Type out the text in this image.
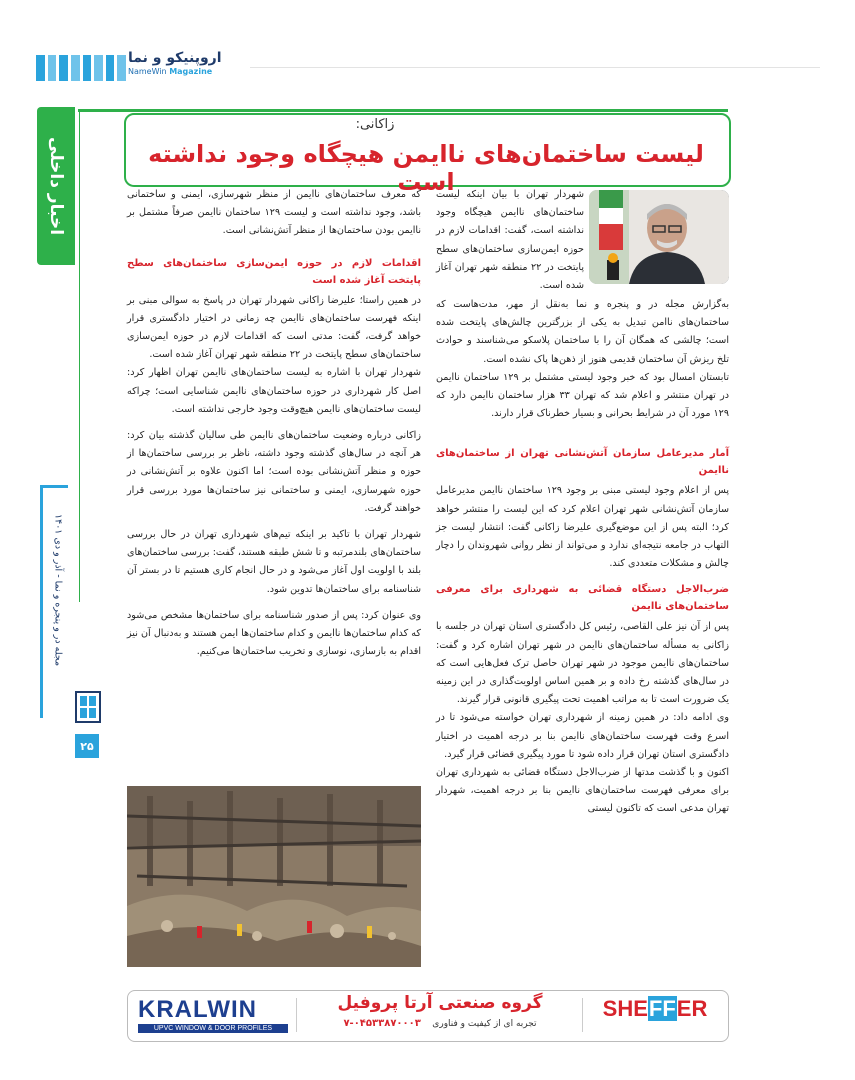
اروپنیکو و نما
NameWin Magazine
اخبار داخلی
زاکانی:
لیست ساختمان‌های ناایمن هیچگاه وجود نداشته است

شهردار تهران با بیان اینکه لیست ساختمان‌های ناایمن هیچگاه وجود نداشته است، گفت: اقدامات لازم در حوزه ایمن‌سازی ساختمان‌های سطح پایتخت در ۲۲ منطقه شهر تهران آغاز شده است.

به‌گزارش مجله در و پنجره و نما به‌نقل از مهر، مدت‌هاست که ساختمان‌های ناامن تبدیل به یکی از بزرگترین چالش‌های پایتخت شده است؛ چالشی که همگان آن را با ساختمان پلاسکو می‌شناسند و حوادث تلخ ریزش آن ساختمان قدیمی هنوز از ذهن‌ها پاک نشده است.

تابستان امسال بود که خبر وجود لیستی مشتمل بر ۱۲۹ ساختمان ناایمن در تهران منتشر و اعلام شد که تهران ۳۳ هزار ساختمان ناایمن دارد که ۱۲۹ مورد آن در شرایط بحرانی و بسیار خطرناک قرار دارند.

آمار مدیرعامل سازمان آتش‌نشانی تهران از ساختمان‌های ناایمن

پس از اعلام وجود لیستی مبنی بر وجود ۱۲۹ ساختمان ناایمن مدیرعامل سازمان آتش‌نشانی شهر تهران اعلام کرد که این لیست را منتشر خواهد کرد؛ البته پس از این موضع‌گیری علیرضا زاکانی گفت: انتشار لیست جز التهاب در جامعه نتیجه‌ای ندارد و می‌تواند از نظر روانی شهروندان را دچار چالش و مشکلات متعددی کند.

ضرب‌الاجل دستگاه قضائی به شهرداری برای معرفی ساختمان‌های ناایمن

پس از آن نیز علی القاصی، رئیس کل دادگستری استان تهران در جلسه با زاکانی به مسأله ساختمان‌های ناایمن در شهر تهران اشاره کرد و گفت: ساختمان‌های ناایمن موجود در شهر تهران حاصل ترک فعل‌هایی است که در سال‌های گذشته رخ داده و بر همین اساس اولویت‌گذاری در این زمینه یک ضرورت است تا به مراتب اهمیت تحت پیگیری قانونی قرار گیرند.

وی ادامه داد: در همین زمینه از شهرداری تهران خواسته می‌شود تا در اسرع وقت فهرست ساختمان‌های ناایمن بنا بر درجه اهمیت در اختیار دادگستری استان تهران قرار داده شود تا مورد پیگیری قضائی قرار گیرد.

اکنون و با گذشت مدتها از ضرب‌الاجل دستگاه قضائی به شهرداری تهران برای معرفی فهرست ساختمان‌های ناایمن بنا بر درجه اهمیت، شهردار تهران مدعی است که تاکنون لیستی

که معرف ساختمان‌های ناایمن از منظر شهرسازی، ایمنی و ساختمانی باشد، وجود نداشته است و لیست ۱۲۹ ساختمان ناایمن صرفاً مشتمل بر ناایمن بودن ساختمان‌ها از منظر آتش‌نشانی است.

اقدامات لازم در حوزه ایمن‌سازی ساختمان‌های سطح پایتخت آغاز شده است

در همین راستا؛ علیرضا زاکانی شهردار تهران در پاسخ به سوالی مبنی بر اینکه فهرست ساختمان‌های ناایمن چه زمانی در اختیار دادگستری قرار خواهد گرفت، گفت: مدتی است که اقدامات لازم در حوزه ایمن‌سازی ساختمان‌های سطح پایتخت در ۲۲ منطقه شهر تهران آغاز شده است.

شهردار تهران با اشاره به لیست ساختمان‌های ناایمن تهران اظهار کرد: اصل کار شهرداری در حوزه ساختمان‌های ناایمن شناسایی است؛ چراکه لیست ساختمان‌های ناایمن هیچ‌وقت وجود خارجی نداشته است.

زاکانی درباره وضعیت ساختمان‌های ناایمن طی سالیان گذشته بیان کرد: هر آنچه در سال‌های گذشته وجود داشته، ناظر بر بررسی ساختمان‌ها از حوزه و منظر آتش‌نشانی بوده است؛ اما اکنون علاوه بر آتش‌نشانی در حوزه شهرسازی، ایمنی و ساختمانی نیز ساختمان‌ها مورد بررسی قرار خواهند گرفت.

شهردار تهران با تاکید بر اینکه تیم‌های شهرداری تهران در حال بررسی ساختمان‌های بلندمرتبه و تا شش طبقه هستند، گفت: بررسی ساختمان‌های بلند با اولویت اول آغاز می‌شود و در حال انجام کاری هستیم تا در بستر آن شناسنامه برای ساختمان‌ها تدوین شود.

وی عنوان کرد: پس از صدور شناسنامه برای ساختمان‌ها مشخص می‌شود که کدام ساختمان‌ها ناایمن و کدام ساختمان‌ها ایمن هستند و به‌دنبال آن نیز اقدام به بازسازی، نوسازی و تخریب ساختمان‌ها می‌کنیم.

مجله در و پنجره و نما - آذر و دی ۱۴۰۱
۲۵
KRALWIN
UPVC WINDOW & DOOR PROFILES
گروه صنعتی آرتا پروفیل
تجربه ای از کیفیت و فناوری    ۰۴۵۳۳۸۷۰۰۰۳-۷
SHEFFER
